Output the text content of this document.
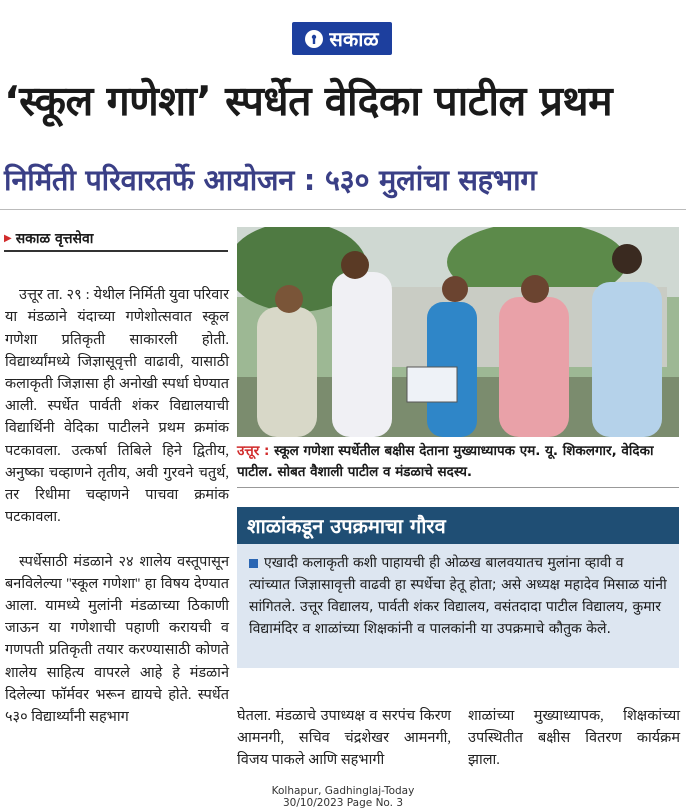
सकाळ
‘स्कूल गणेशा’ स्पर्धेत वेदिका पाटील प्रथम
निर्मिती परिवारतर्फे आयोजन : ५३० मुलांचा सहभाग
▶ सकाळ वृत्तसेवा

उत्तूर ता. २९ : येथील निर्मिती युवा परिवार या मंडळाने यंदाच्या गणेशोत्सवात स्कूल गणेशा प्रतिकृती साकारली होती. विद्यार्थ्यांमध्ये जिज्ञासूवृत्ती वाढावी, यासाठी कलाकृती जिज्ञासा ही अनोखी स्पर्धा घेण्यात आली. स्पर्धेत पार्वती शंकर विद्यालयाची विद्यार्थिनी वेदिका पाटीलने प्रथम क्रमांक पटकावला. उत्कर्षा तिबिले हिने द्वितीय, अनुष्का चव्हाणने तृतीय, अवी गुरवने चतुर्थ, तर रिधीमा चव्हाणने पाचवा क्रमांक पटकावला.

स्पर्धेसाठी मंडळाने २४ शालेय वस्तूपासून बनविलेल्या ''स्कूल गणेशा'' हा विषय देण्यात आला. यामध्ये मुलांनी मंडळाच्या ठिकाणी जाऊन या गणेशाची पहाणी करायची व गणपती प्रतिकृती तयार करण्यासाठी कोणते शालेय साहित्य वापरले आहे हे मंडळाने दिलेल्या फॉर्मवर भरून द्यायचे होते. स्पर्धेत ५३० विद्यार्थ्यांनी सहभाग

उत्तूर : स्कूल गणेशा स्पर्धेतील बक्षीस देताना मुख्याध्यापक एम. यू. शिकलगार, वेदिका पाटील. सोबत वैशाली पाटील व मंडळाचे सदस्य.
शाळांकडून उपक्रमाचा गौरव
एखादी कलाकृती कशी पाहायची ही ओळख बालवयातच मुलांना व्हावी व त्यांच्यात जिज्ञासावृत्ती वाढवी हा स्पर्धेचा हेतू होता; असे अध्यक्ष महादेव मिसाळ यांनी सांगितले. उत्तूर विद्यालय, पार्वती शंकर विद्यालय, वसंतदादा पाटील विद्यालय, कुमार विद्यामंदिर व शाळांच्या शिक्षकांनी व पालकांनी या उपक्रमाचे कौतुक केले.
घेतला. मंडळाचे उपाध्यक्ष व सरपंच किरण आमनगी, सचिव चंद्रशेखर आमनगी, विजय पाकले आणि सहभागी
शाळांच्या मुख्याध्यापक, शिक्षकांच्या उपस्थितीत बक्षीस वितरण कार्यक्रम झाला.
Kolhapur, Gadhinglaj-Today
30/10/2023 Page No. 3
